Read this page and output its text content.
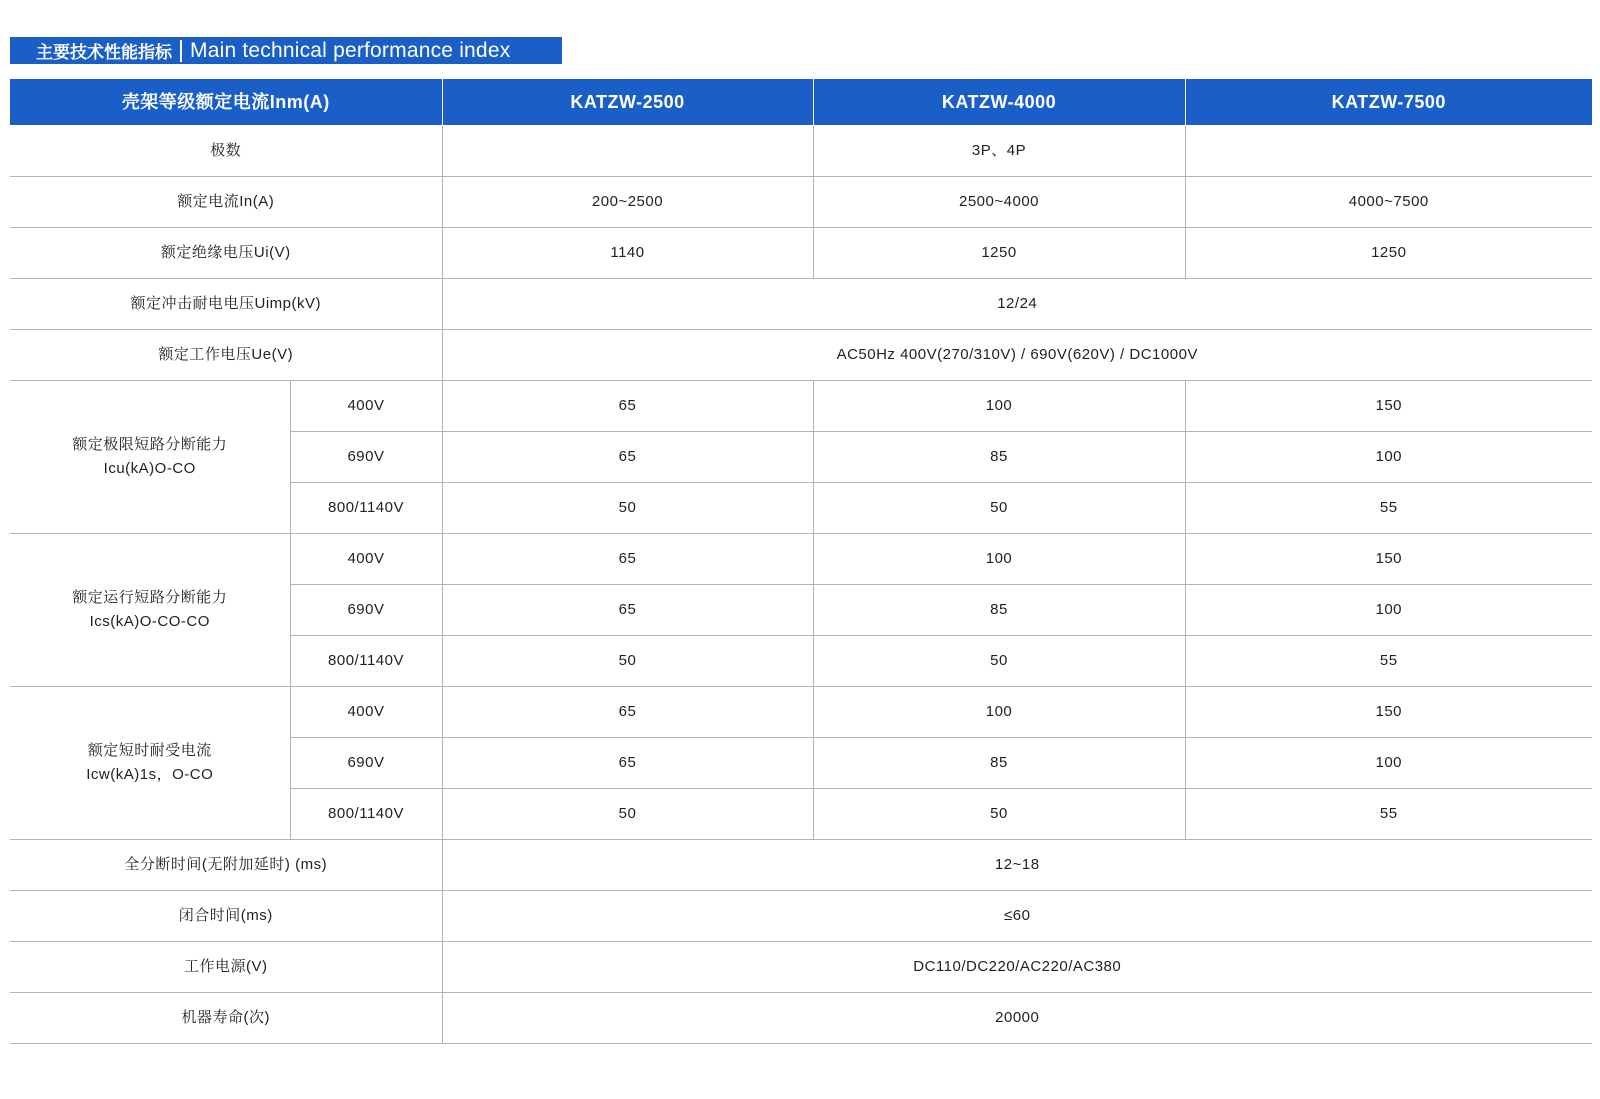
主要技术性能指标 Main technical performance index
壳架等级额定电流Inm(A)		KATZW-2500	KATZW-4000	KATZW-7500
极数			3P、4P	
额定电流In(A)		200~2500	2500~4000	4000~7500
额定绝缘电压Ui(V)		1140	1250	1250
额定冲击耐电电压Uimp(kV)		12/24		
额定工作电压Ue(V)		AC50Hz 400V(270/310V) / 690V(620V) / DC1000V		

额定极限短路分断能力
Icu(kA)O-CO	400V	65	100	150
	690V	65	85	100
	800/1140V	50	50	55

额定运行短路分断能力
Ics(kA)O-CO-CO	400V	65	100	150
	690V	65	85	100
	800/1140V	50	50	55

额定短时耐受电流
Icw(kA)1s，O-CO	400V	65	100	150
	690V	65	85	100
	800/1140V	50	50	55
全分断时间(无附加延时) (ms)		12~18		
闭合时间(ms)		≤60		
工作电源(V)		DC110/DC220/AC220/AC380		
机器寿命(次)		20000		
